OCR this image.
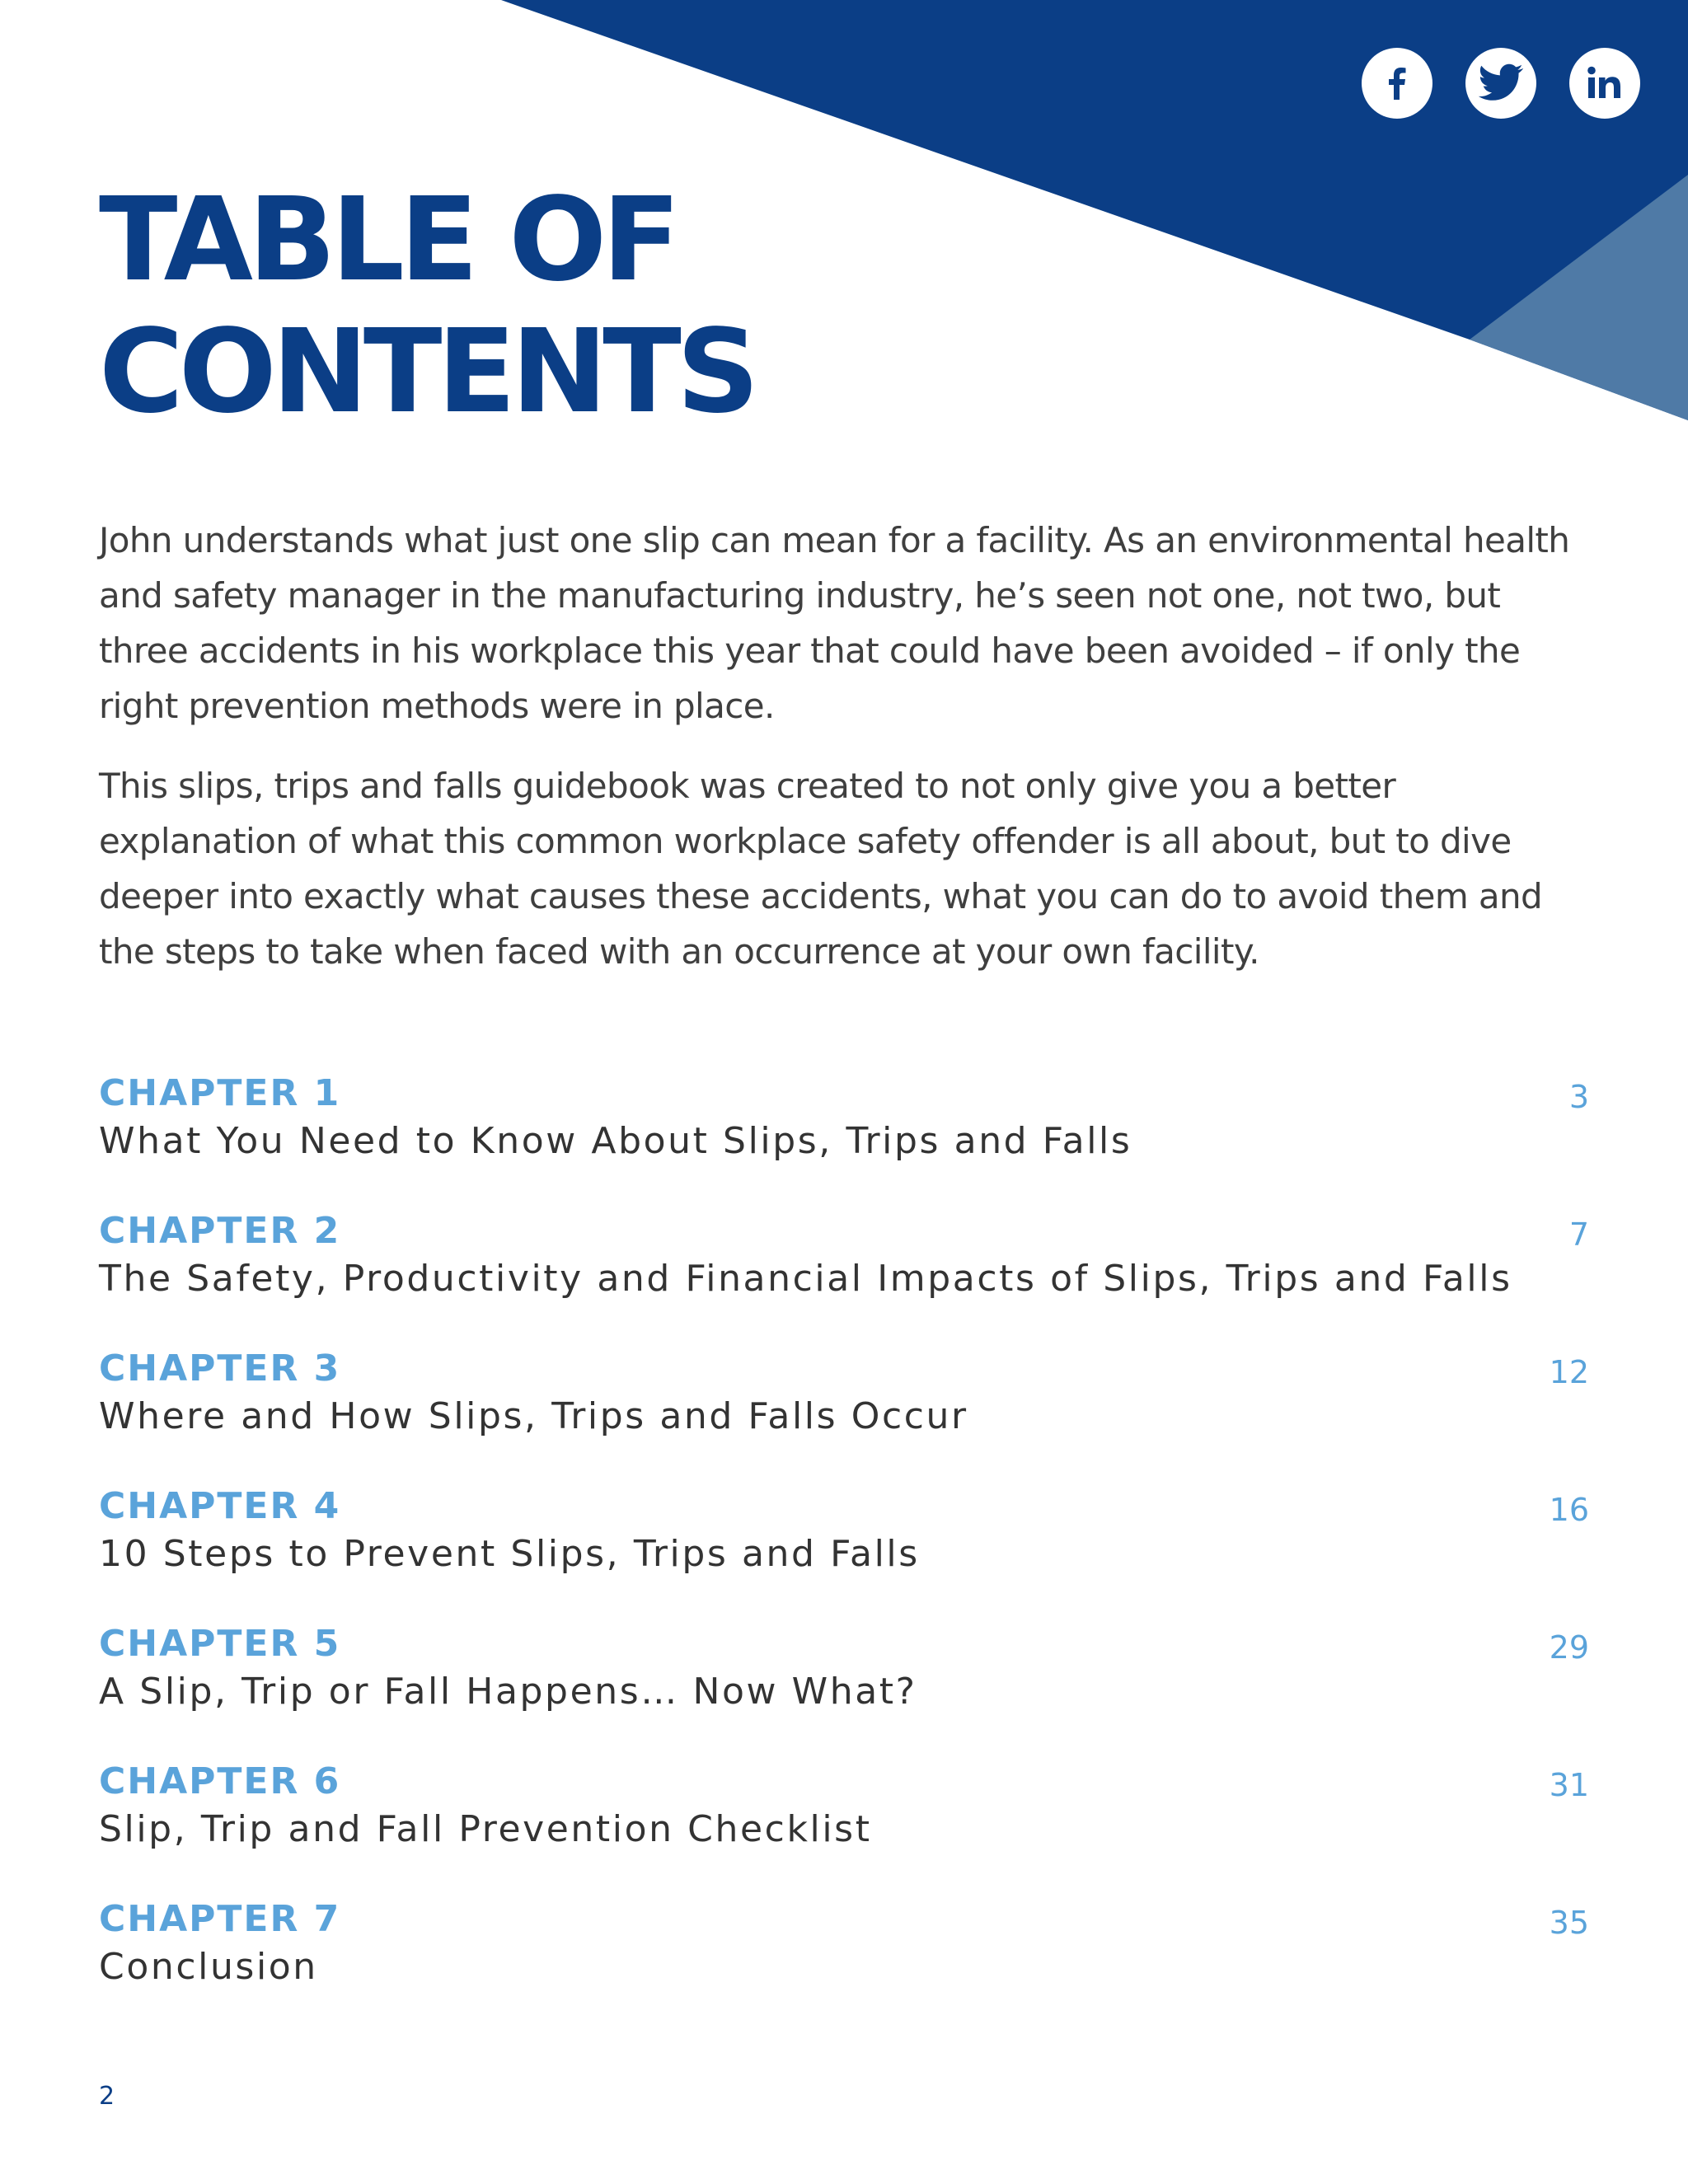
TABLE OF
CONTENTS

John understands what just one slip can mean for a facility. As an environmental health and safety manager in the manufacturing industry, he’s seen not one, not two, but three accidents in his workplace this year that could have been avoided – if only the right prevention methods were in place.

This slips, trips and falls guidebook was created to not only give you a better explanation of what this common workplace safety offender is all about, but to dive deeper into exactly what causes these accidents, what you can do to avoid them and the steps to take when faced with an occurrence at your own facility.

CHAPTER 1
What You Need to Know About Slips, Trips and Falls
3
CHAPTER 2
The Safety, Productivity and Financial Impacts of Slips, Trips and Falls
7
CHAPTER 3
Where and How Slips, Trips and Falls Occur
12
CHAPTER 4
10 Steps to Prevent Slips, Trips and Falls
16
CHAPTER 5
A Slip, Trip or Fall Happens… Now What?
29
CHAPTER 6
Slip, Trip and Fall Prevention Checklist
31
CHAPTER 7
Conclusion
35
2
